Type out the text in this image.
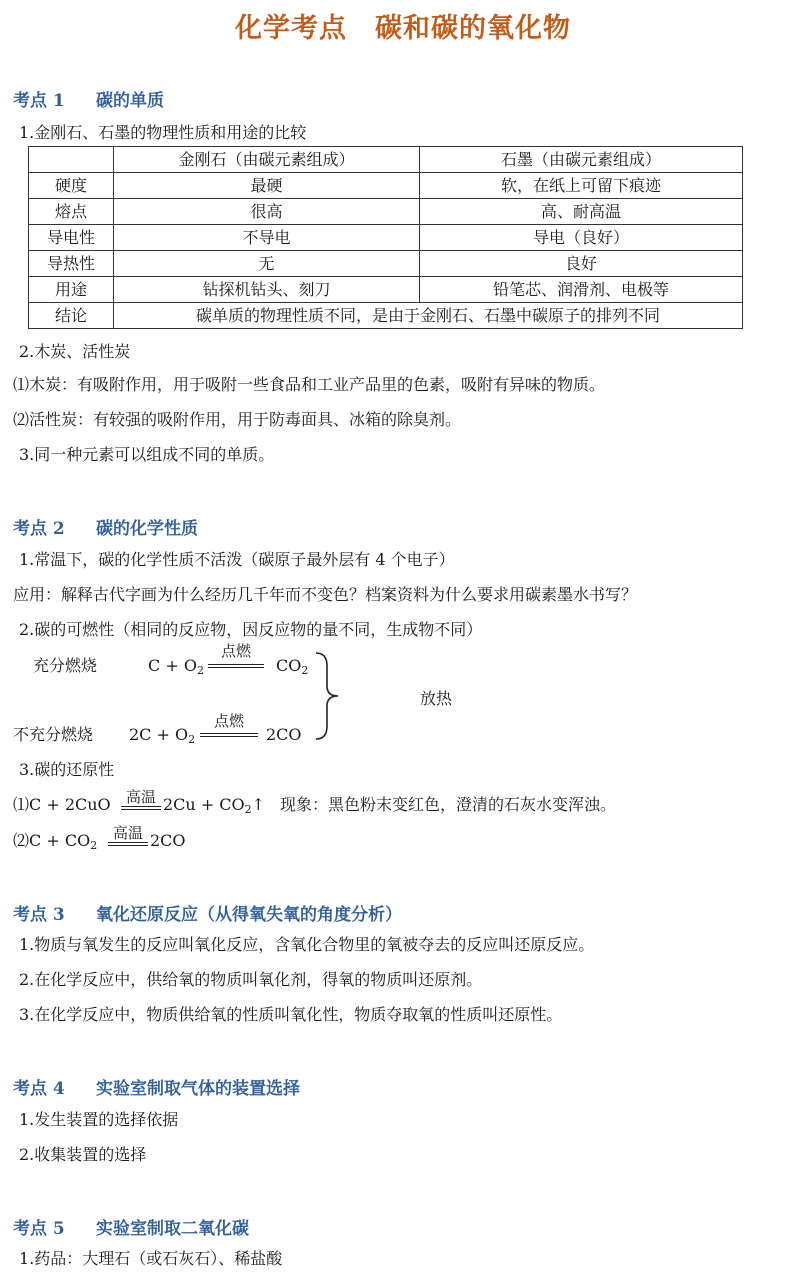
化学考点　碳和碳的氧化物
考点 1 碳的单质
1.金刚石、石墨的物理性质和用途的比较
	金刚石（由碳元素组成）	石墨（由碳元素组成）
硬度	最硬	软，在纸上可留下痕迹
熔点	很高	高、耐高温
导电性	不导电	导电（良好）
导热性	无	良好
用途	钻探机钻头、刻刀	铅笔芯、润滑剂、电极等
结论	碳单质的物理性质不同，是由于金刚石、石墨中碳原子的排列不同	
2.木炭、活性炭
⑴木炭：有吸附作用，用于吸附一些食品和工业产品里的色素，吸附有异味的物质。
⑵活性炭：有较强的吸附作用，用于防毒面具、冰箱的除臭剂。
3.同一种元素可以组成不同的单质。
考点 2 碳的化学性质
1.常温下，碳的化学性质不活泼（碳原子最外层有 4 个电子）
应用：解释古代字画为什么经历几千年而不变色？档案资料为什么要求用碳素墨水书写？
2.碳的可燃性（相同的反应物，因反应物的量不同，生成物不同）
充分燃烧	$C + O_2$
点燃
$CO_2$
放热
不充分燃烧 $2C + O_2$
点燃
2CO
3.碳的还原性
⑴C + 2CuO	高温 $2Cu + CO_2↑$ 现象：黑色粉末变红色，澄清的石灰水变浑浊。
⑵C + $CO_2$
高温 2CO
考点 3 氧化还原反应（从得氧失氧的角度分析）
1.物质与氧发生的反应叫氧化反应，含氧化合物里的氧被夺去的反应叫还原反应。
2.在化学反应中，供给氧的物质叫氧化剂，得氧的物质叫还原剂。
3.在化学反应中，物质供给氧的性质叫氧化性，物质夺取氧的性质叫还原性。
考点 4 实验室制取气体的装置选择
1.发生装置的选择依据
2.收集装置的选择
考点 5 实验室制取二氧化碳
1.药品：大理石（或石灰石）、稀盐酸
